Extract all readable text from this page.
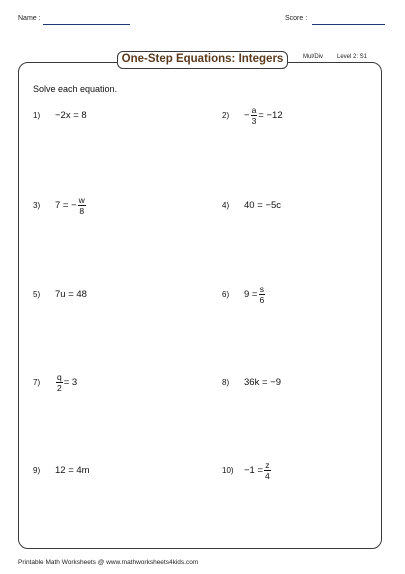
Name :	Score :
One-Step Equations: Integers	Mul/Div Level 2: S1
Solve each equation.
1)	−2x = 8	2)	− $\frac{a}{3} = -12$
3)	7 = − $\frac{w}{8}$	4)	40 = −5c
5)	7u = 48	6)	$9 = \frac{s}{6}$
7)	$\frac{q}{2} = 3$	8)	36k = −9
9)	12 = 4m	10)	$-1 = \frac{z}{4}$
Printable Math Worksheets @ www.mathworksheets4kids.com
